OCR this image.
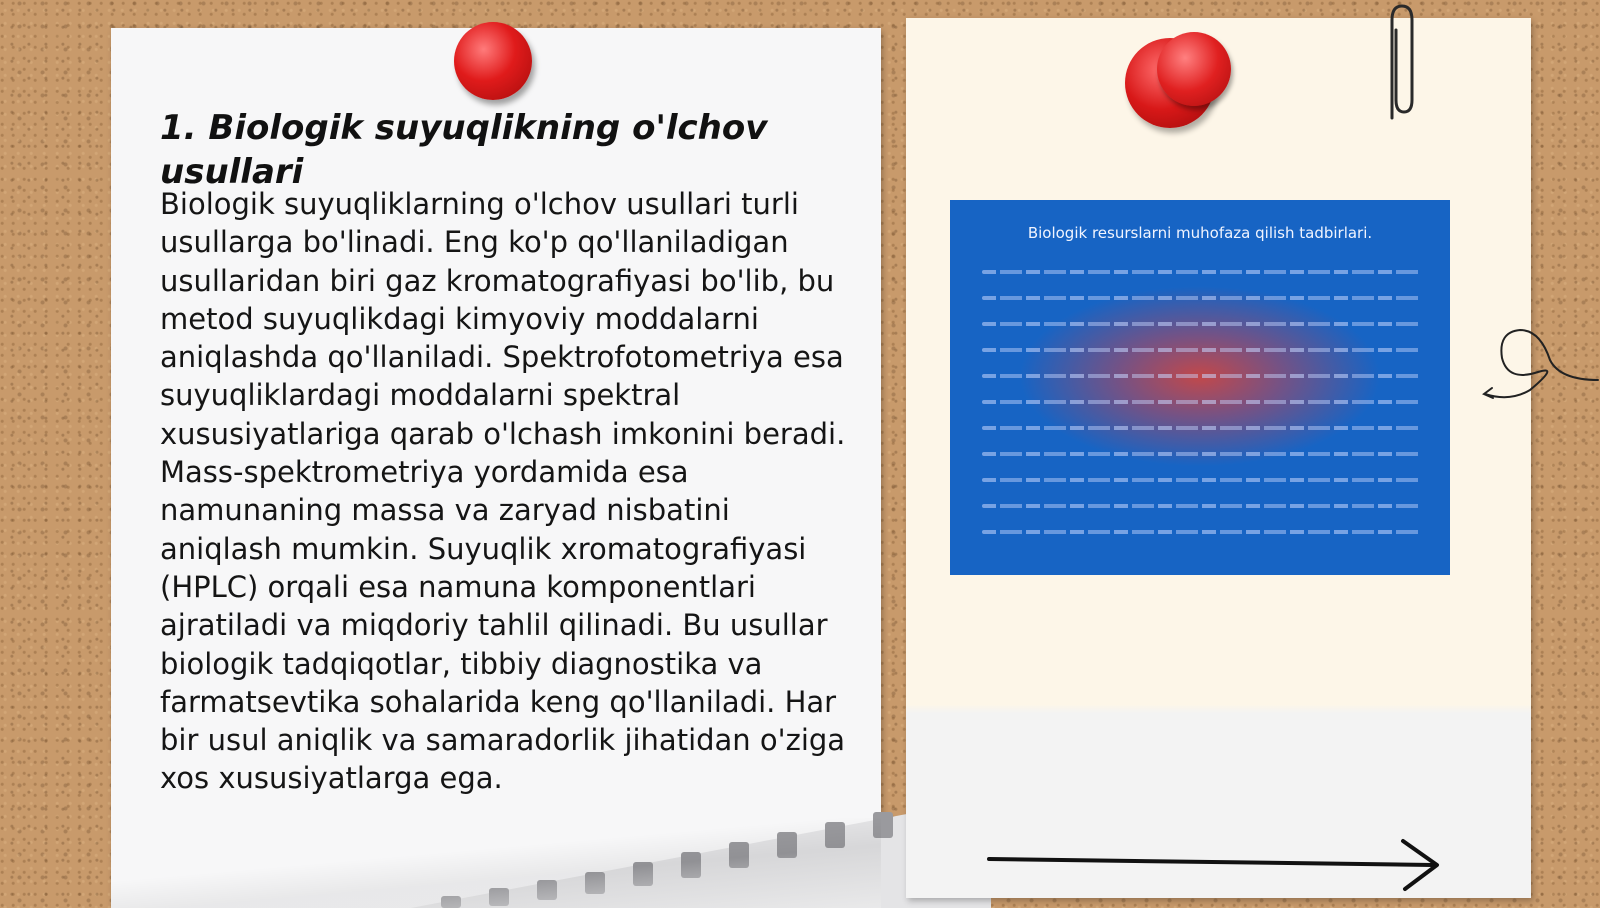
1. Biologik suyuqlikning o'lchov usullari

Biologik suyuqliklarning o'lchov usullari turli usullarga bo'linadi. Eng ko'p qo'llaniladigan usullaridan biri gaz kromatografiyasi bo'lib, bu metod suyuqlikdagi kimyoviy moddalarni aniqlashda qo'llaniladi. Spektrofotometriya esa suyuqliklardagi moddalarni spektral xususiyatlariga qarab o'lchash imkonini beradi. Mass-spektrometriya yordamida esa namunaning massa va zaryad nisbatini aniqlash mumkin. Suyuqlik xromatografiyasi (HPLC) orqali esa namuna komponentlari ajratiladi va miqdoriy tahlil qilinadi. Bu usullar biologik tadqiqotlar, tibbiy diagnostika va farmatsevtika sohalarida keng qo'llaniladi. Har bir usul aniqlik va samaradorlik jihatidan o'ziga xos xususiyatlarga ega.

Biologik resurslarni muhofaza qilish tadbirlari.
